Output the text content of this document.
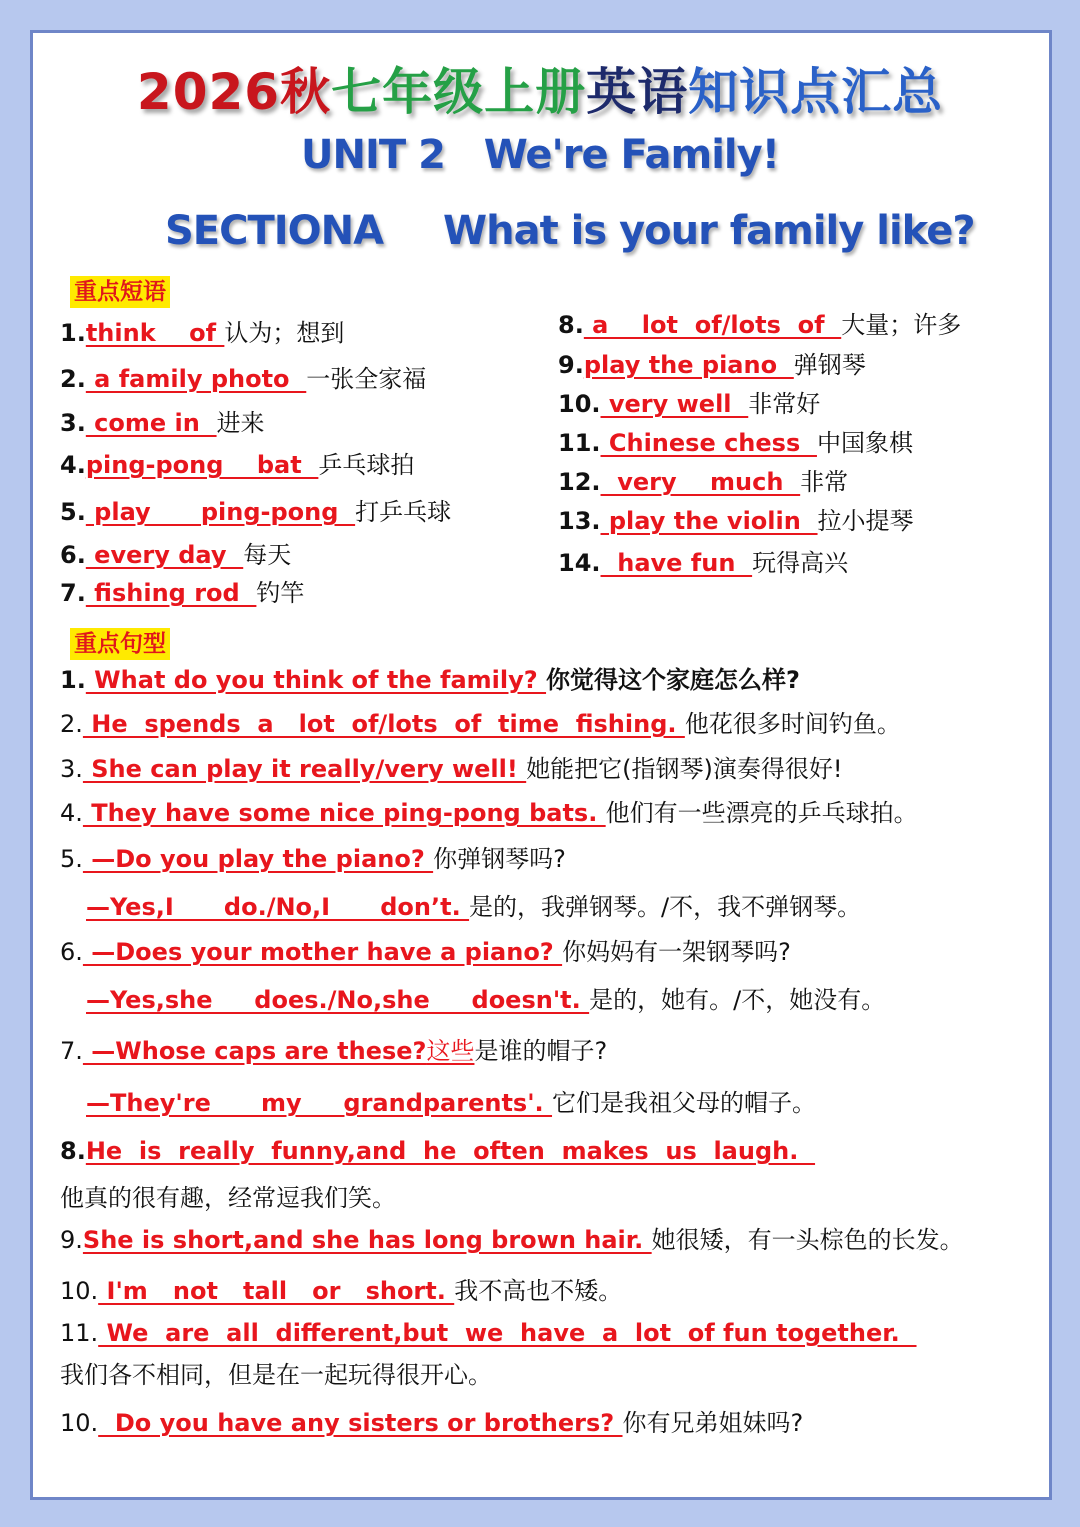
2026秋七年级上册英语知识点汇总
UNIT 2   We're Family!
SECTIONA What is your family like?
重点短语
1.think    of 认为；想到
2. a family photo  一张全家福
3. come in  进来
4.ping-pong    bat  乒乓球拍
5. play      ping-pong  打乒乓球
6. every day  每天
7. fishing rod  钓竿
8. a    lot  of/lots  of  大量；许多
9.play the piano  弹钢琴
10. very well  非常好
11. Chinese chess  中国象棋
12.  very    much  非常
13. play the violin  拉小提琴
14.  have fun  玩得高兴
重点句型
1. What do you think of the family? 你觉得这个家庭怎么样?
2. He  spends  a   lot  of/lots  of  time  fishing. 他花很多时间钓鱼。
3. She can play it really/very well! 她能把它(指钢琴)演奏得很好!
4. They have some nice ping-pong bats. 他们有一些漂亮的乒乓球拍。
5. —Do you play the piano? 你弹钢琴吗?
—Yes,I      do./No,I      don’t. 是的，我弹钢琴。/不，我不弹钢琴。
6. —Does your mother have a piano? 你妈妈有一架钢琴吗?
—Yes,she     does./No,she     doesn't. 是的，她有。/不，她没有。
7. —Whose caps are these?这些是谁的帽子?
—They're      my     grandparents'. 它们是我祖父母的帽子。
8.He  is  really  funny,and  he  often  makes  us  laugh.
他真的很有趣，经常逗我们笑。
9.She is short,and she has long brown hair. 她很矮，有一头棕色的长发。
10. I'm   not   tall   or   short. 我不高也不矮。
11. We  are  all  different,but  we  have  a  lot  of fun together.
我们各不相同，但是在一起玩得很开心。
10.  Do you have any sisters or brothers? 你有兄弟姐妹吗?
